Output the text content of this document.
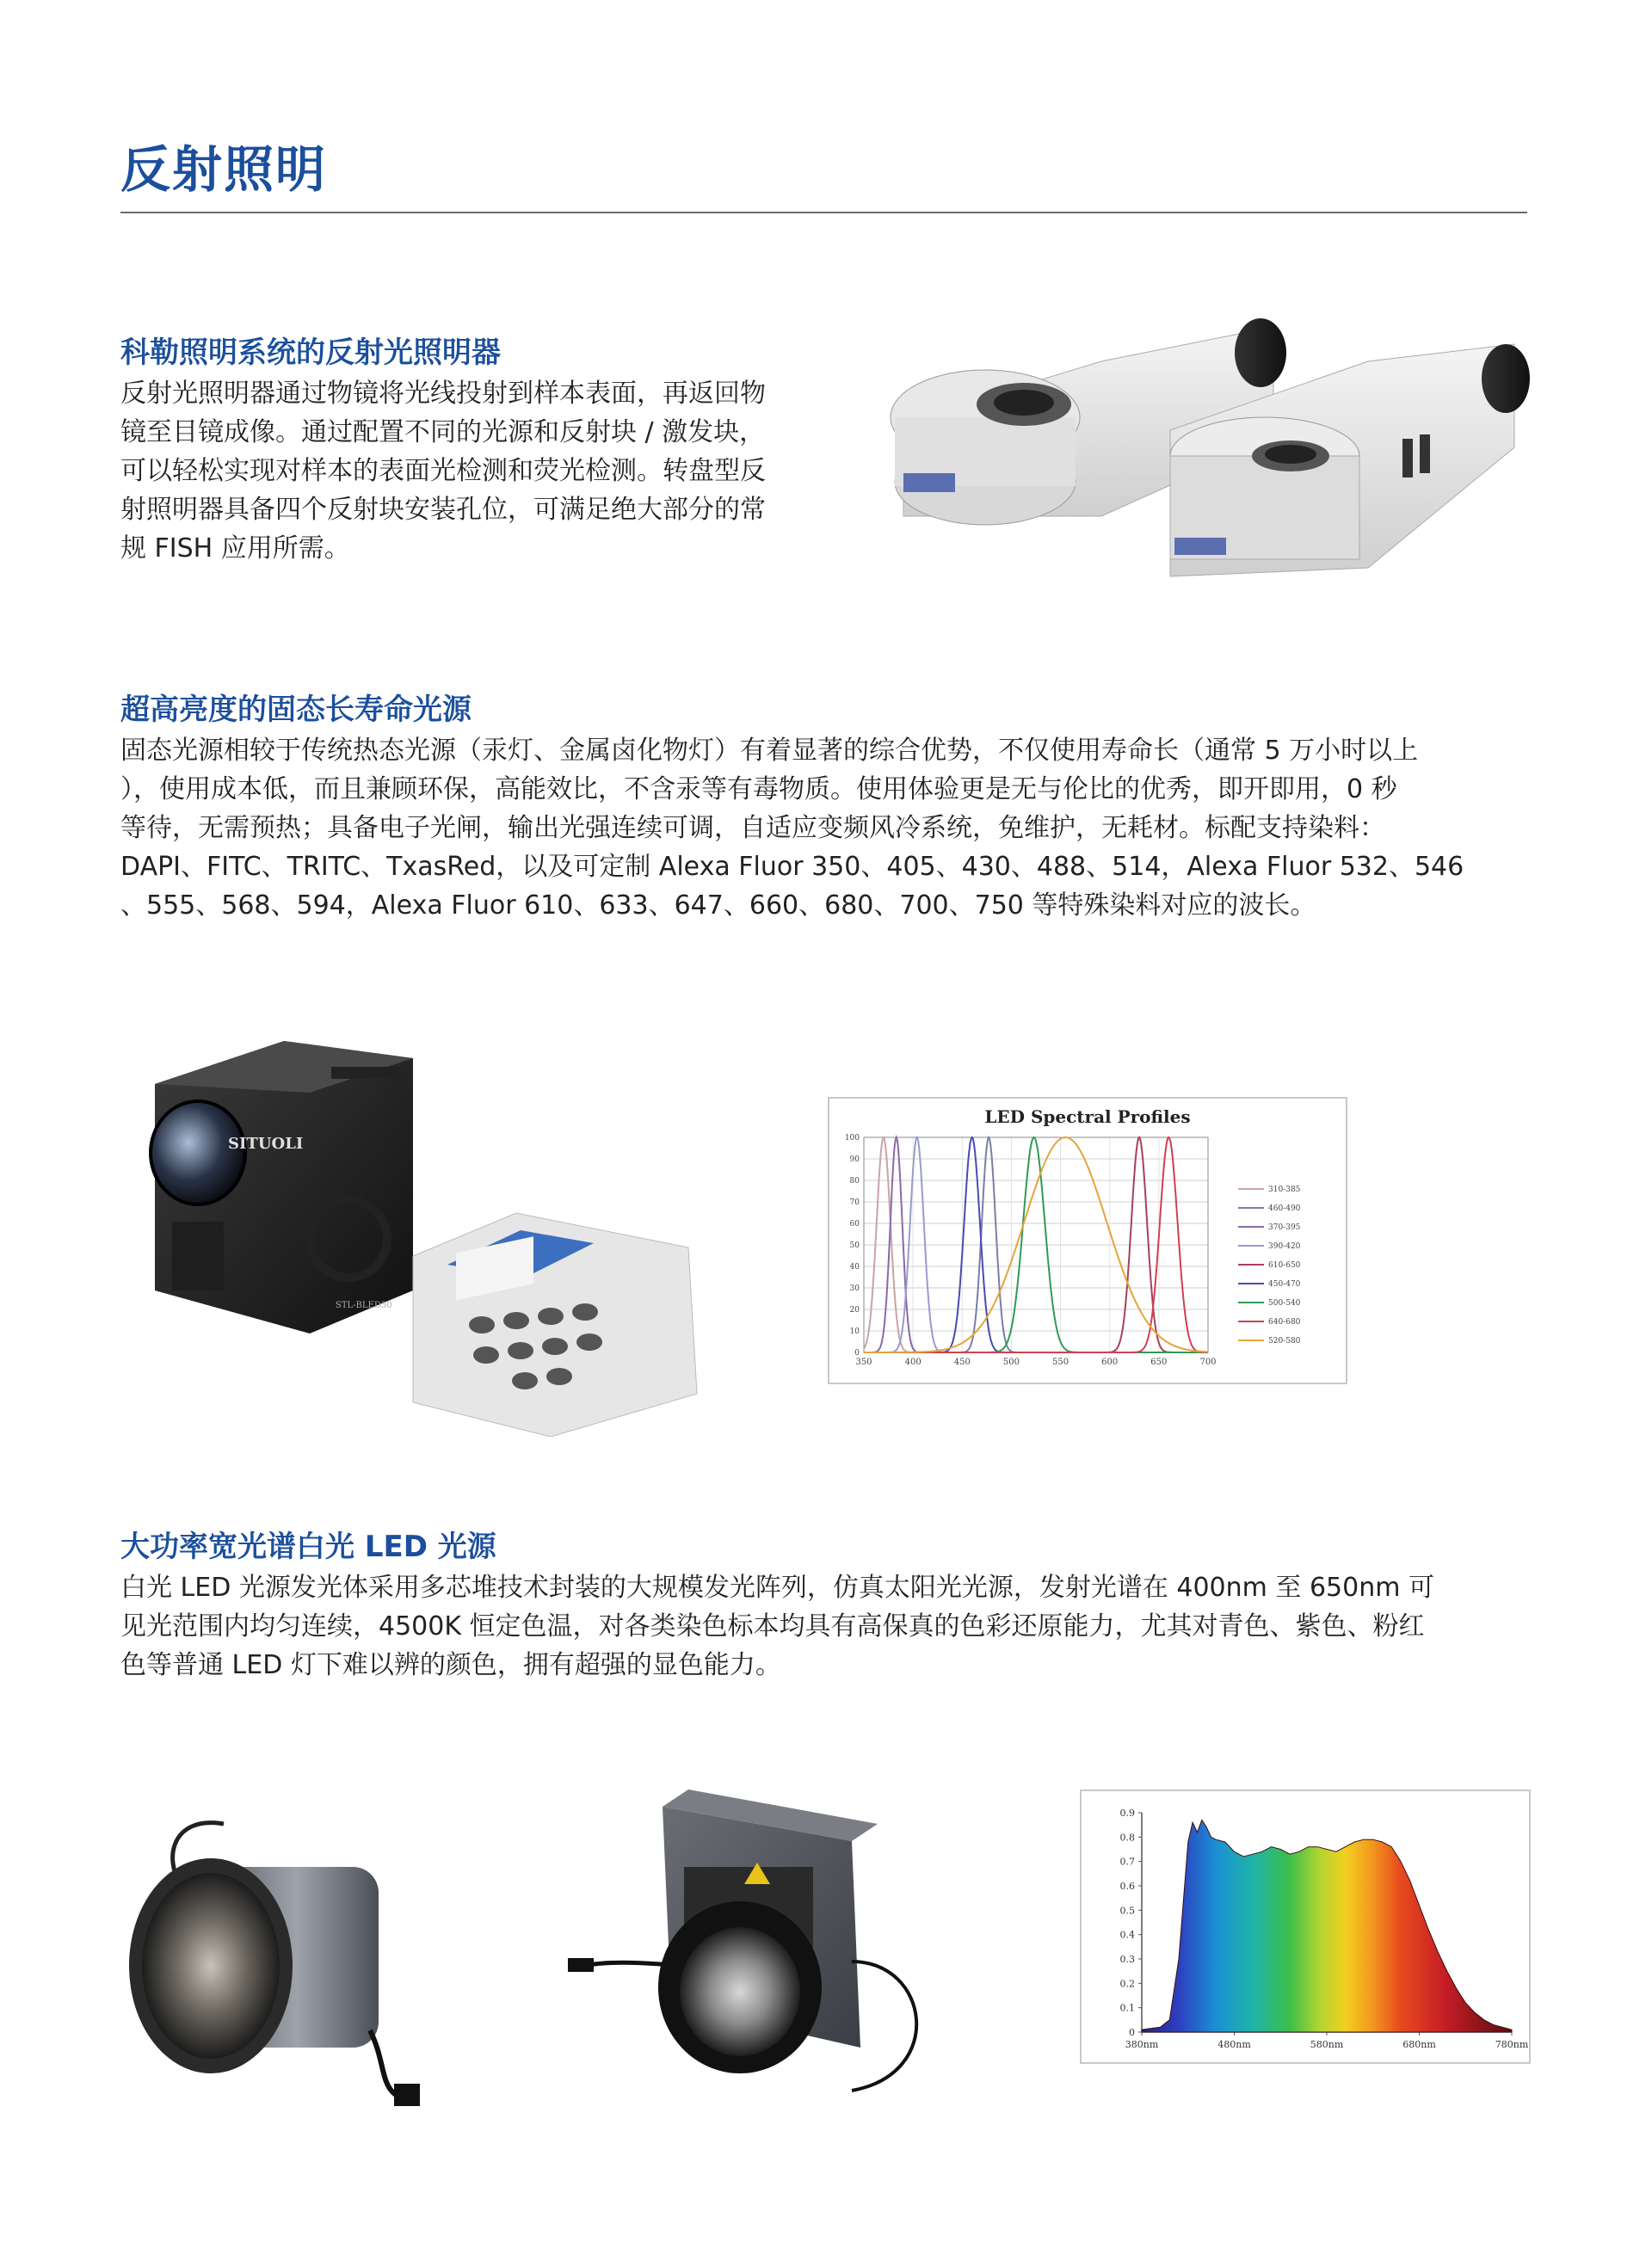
反射照明
科勒照明系统的反射光照明器

反射光照明器通过物镜将光线投射到样本表面，再返回物

镜至目镜成像。通过配置不同的光源和反射块 / 激发块，

可以轻松实现对样本的表面光检测和荧光检测。转盘型反

射照明器具备四个反射块安装孔位，可满足绝大部分的常

规 FISH 应用所需。

超高亮度的固态长寿命光源

固态光源相较于传统热态光源（汞灯、金属卤化物灯）有着显著的综合优势，不仅使用寿命长（通常 5 万小时以上

），使用成本低，而且兼顾环保，高能效比，不含汞等有毒物质。使用体验更是无与伦比的优秀，即开即用，0 秒

等待，无需预热；具备电子光闸，输出光强连续可调，自适应变频风冷系统，免维护，无耗材。标配支持染料：

DAPI、FITC、TRITC、TxasRed，以及可定制 Alexa Fluor 350、405、430、488、514，Alexa Fluor 532、546

、555、568、594，Alexa Fluor 610、633、647、660、680、700、750 等特殊染料对应的波长。

SITUOLI
STL-BLED30
LED Spectral Profiles
0
10
20
30
40
50
60
70
80
90
100
350	400	450	500	550	600	650	700
310-385
460-490
370-395
390-420
610-650
450-470
500-540
640-680
520-580
大功率宽光谱白光 LED 光源

白光 LED 光源发光体采用多芯堆技术封装的大规模发光阵列，仿真太阳光光源，发射光谱在 400nm 至 650nm 可

见光范围内均匀连续，4500K 恒定色温，对各类染色标本均具有高保真的色彩还原能力，尤其对青色、紫色、粉红

色等普通 LED 灯下难以辨的颜色，拥有超强的显色能力。

0
0.1
0.2
0.3
0.4
0.5
0.6
0.7
0.8
0.9
380nm	480nm	580nm	680nm	780nm
